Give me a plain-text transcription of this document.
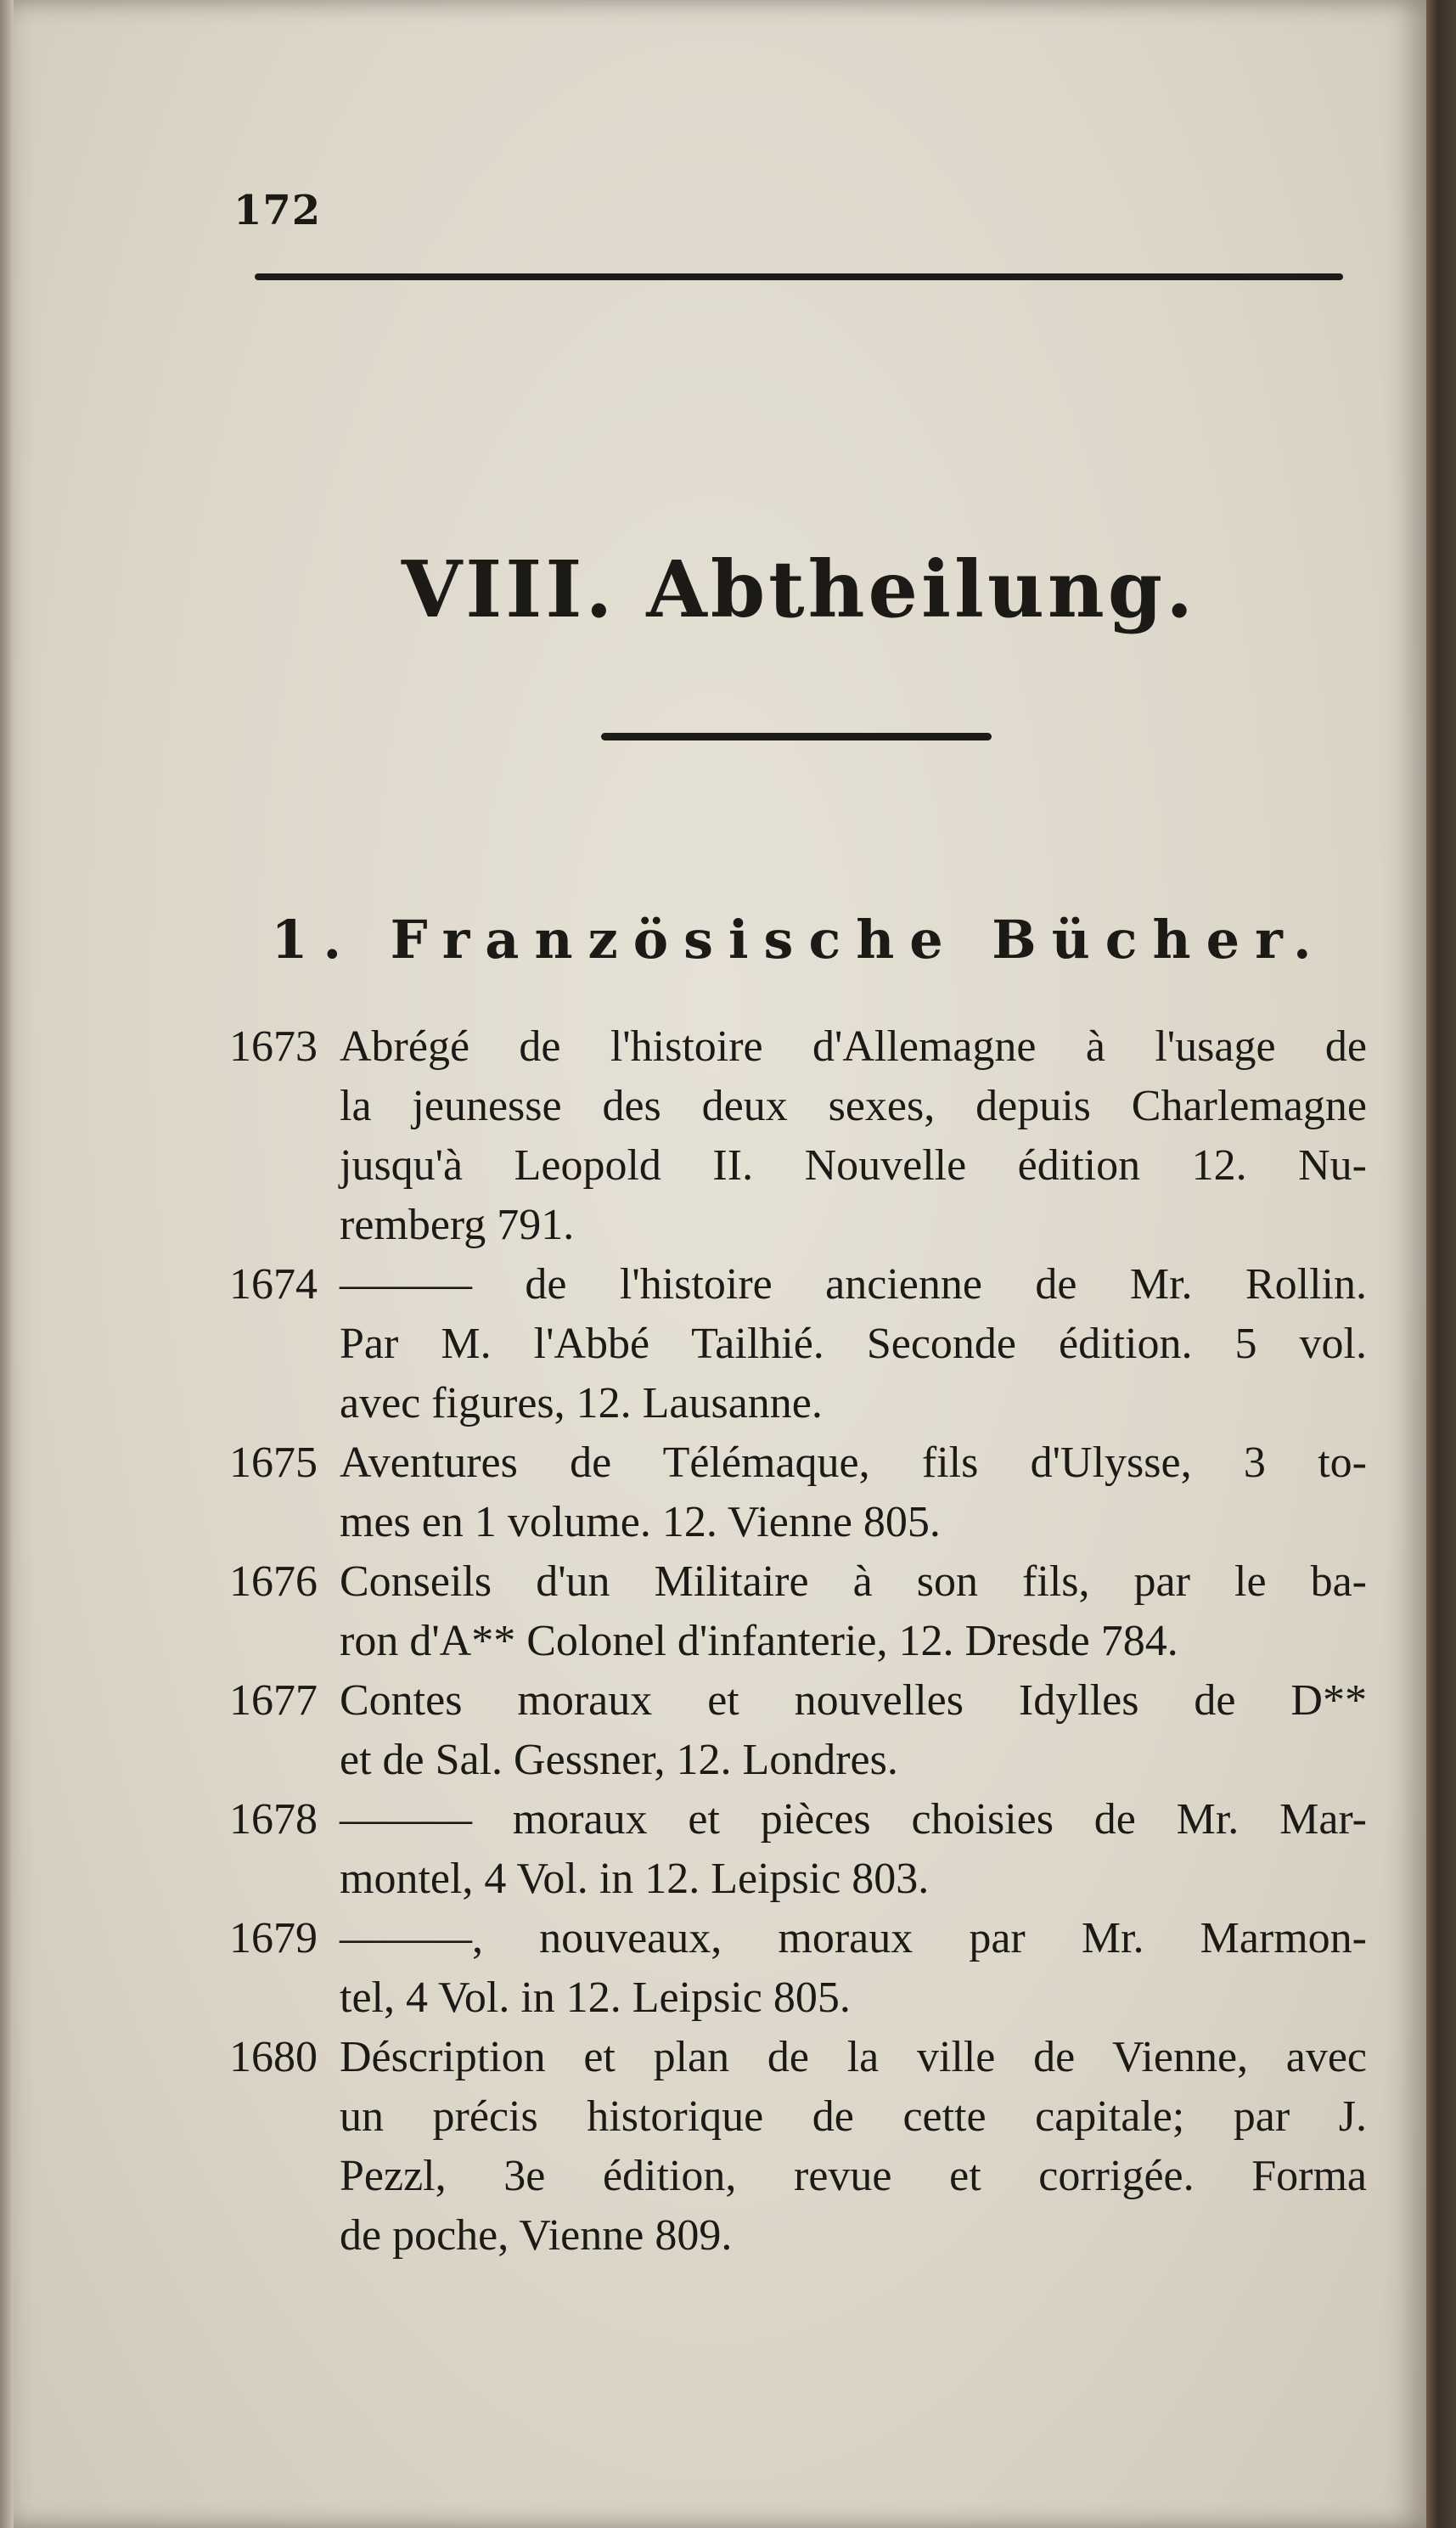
172
VIII. Abtheilung.
1. Französische Bücher.
1673 Abrégé de l'histoire d'Allemagne à l'usage de
la jeunesse des deux sexes, depuis Charlemagne
jusqu'à Leopold II. Nouvelle édition 12. Nu-
remberg 791.
1674 ——— de l'histoire ancienne de Mr. Rollin.
Par M. l'Abbé Tailhié. Seconde édition. 5 vol.
avec figures, 12. Lausanne.
1675 Aventures de Télémaque, fils d'Ulysse, 3 to-
mes en 1 volume. 12. Vienne 805.
1676 Conseils d'un Militaire à son fils, par le ba-
ron d'A** Colonel d'infanterie, 12. Dresde 784.
1677 Contes moraux et nouvelles Idylles de D**
et de Sal. Gessner, 12. Londres.
1678 ——— moraux et pièces choisies de Mr. Mar-
montel, 4 Vol. in 12. Leipsic 803.
1679 ———, nouveaux, moraux par Mr. Marmon-
tel, 4 Vol. in 12. Leipsic 805.
1680 Déscription et plan de la ville de Vienne, avec
un précis historique de cette capitale; par J.
Pezzl, 3e édition, revue et corrigée. Forma
de poche, Vienne 809.
